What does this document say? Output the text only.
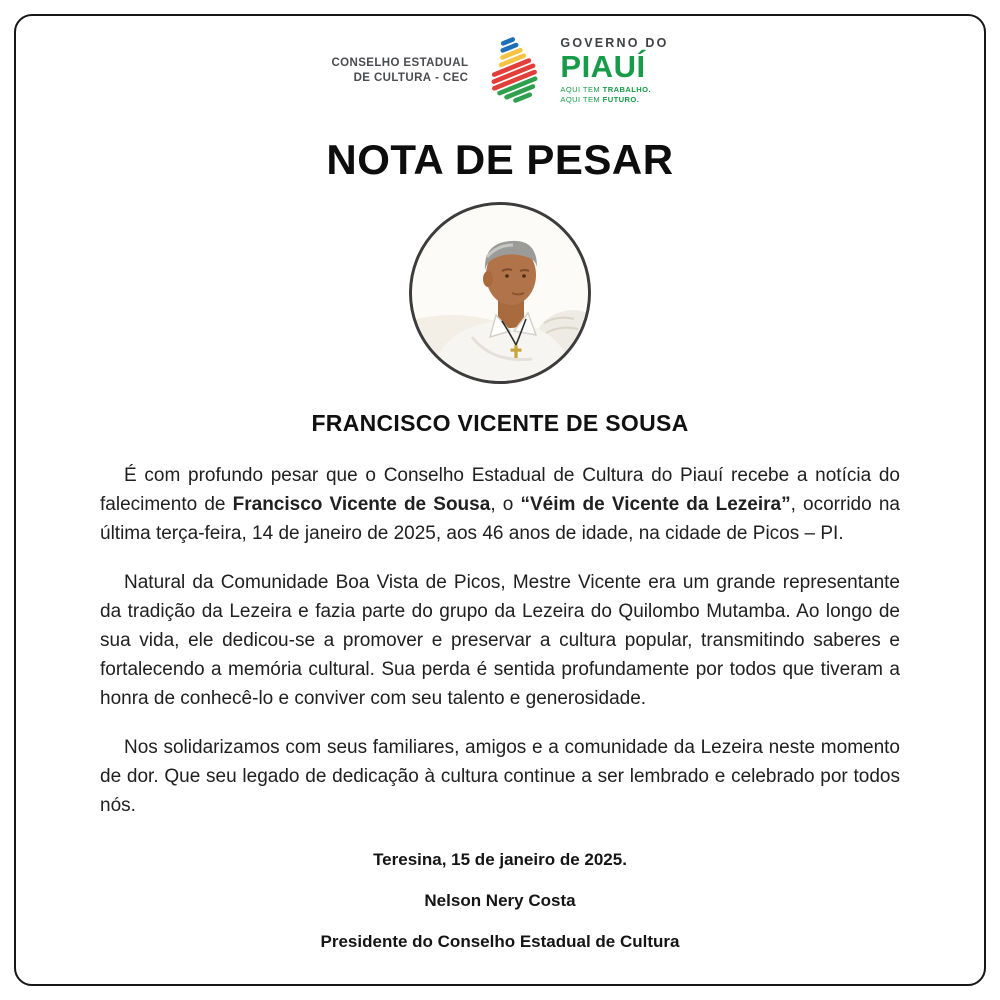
CONSELHO ESTADUAL
DE CULTURA - CEC
GOVERNO DO
PIAUÍ
AQUI TEM TRABALHO.
AQUI TEM FUTURO.
NOTA DE PESAR
FRANCISCO VICENTE DE SOUSA

É com profundo pesar que o Conselho Estadual de Cultura do Piauí recebe a notícia do falecimento de Francisco Vicente de Sousa, o “Véim de Vicente da Lezeira”, ocorrido na última terça-feira, 14 de janeiro de 2025, aos 46 anos de idade, na cidade de Picos – PI.

Natural da Comunidade Boa Vista de Picos, Mestre Vicente era um grande representante da tradição da Lezeira e fazia parte do grupo da Lezeira do Quilombo Mutamba. Ao longo de sua vida, ele dedicou-se a promover e preservar a cultura popular, transmitindo saberes e fortalecendo a memória cultural. Sua perda é sentida profundamente por todos que tiveram a honra de conhecê-lo e conviver com seu talento e generosidade.

Nos solidarizamos com seus familiares, amigos e a comunidade da Lezeira neste momento de dor. Que seu legado de dedicação à cultura continue a ser lembrado e celebrado por todos nós.

Teresina, 15 de janeiro de 2025.

Nelson Nery Costa

Presidente do Conselho Estadual de Cultura
